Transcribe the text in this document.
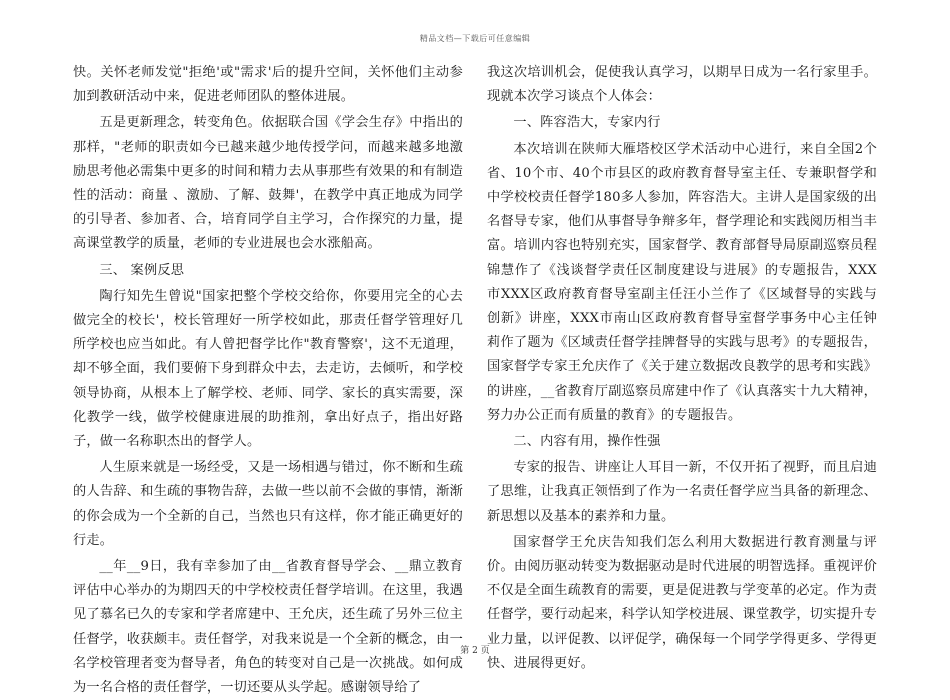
精品文档—下载后可任意编辑

快。关怀老师发觉"拒绝'或"需求'后的提升空间，关怀他们主动参加到教研活动中来，促进老师团队的整体进展。

五是更新理念，转变角色。依据联合国《学会生存》中指出的那样，"老师的职责如今已越来越少地传授学问，而越来越多地激励思考他必需集中更多的时间和精力去从事那些有效果的和有制造性的活动：商量 、激励、了解、鼓舞'，在教学中真正地成为同学的引导者、参加者、合，培育同学自主学习，合作探究的力量，提高课堂教学的质量，老师的专业进展也会水涨船高。

三、 案例反思

陶行知先生曾说"国家把整个学校交给你，你要用完全的心去做完全的校长'，校长管理好一所学校如此，那责任督学管理好几所学校也应当如此。有人曾把督学比作"教育警察'，这不无道理，却不够全面，我们要俯下身到群众中去，去走访，去倾听，和学校领导协商，从根本上了解学校、老师、同学、家长的真实需要，深化教学一线，做学校健康进展的助推剂，拿出好点子，指出好路子，做一名称职杰出的督学人。

人生原来就是一场经受，又是一场相遇与错过，你不断和生疏的人告辞、和生疏的事物告辞，去做一些以前不会做的事情，渐渐的你会成为一个全新的自己，当然也只有这样，你才能正确更好的行走。

__年__9日，我有幸参加了由__省教育督导学会、__鼎立教育评估中心举办的为期四天的中学校校责任督学培训。在这里，我遇见了慕名已久的专家和学者席建中、王允庆，还生疏了另外三位主任督学，收获颇丰。责任督学，对我来说是一个全新的概念，由一名学校管理者变为督导者，角色的转变对自己是一次挑战。如何成为一名合格的责任督学，一切还要从头学起。感谢领导给了

我这次培训机会，促使我认真学习，以期早日成为一名行家里手。现就本次学习谈点个人体会：

一、阵容浩大，专家内行

本次培训在陕师大雁塔校区学术活动中心进行，来自全国2个省、10个市、40个市县区的政府教育督导室主任、专兼职督学和中学校校责任督学180多人参加，阵容浩大。主讲人是国家级的出名督导专家，他们从事督导争辩多年，督学理论和实践阅历相当丰富。培训内容也特别充实，国家督学、教育部督导局原副巡察员程锦慧作了《浅谈督学责任区制度建设与进展》的专题报告，XXX市XXX区政府教育督导室副主任汪小兰作了《区域督导的实践与创新》讲座，XXX市南山区政府教育督导室督学事务中心主任钟莉作了题为《区域责任督学挂牌督导的实践与思考》的专题报告，国家督学专家王允庆作了《关于建立数据改良教学的思考和实践》的讲座，__省教育厅副巡察员席建中作了《认真落实十九大精神，努力办公正而有质量的教育》的专题报告。

二、内容有用，操作性强

专家的报告、讲座让人耳目一新，不仅开拓了视野，而且启迪了思维，让我真正领悟到了作为一名责任督学应当具备的新理念、新思想以及基本的素养和力量。

国家督学王允庆告知我们怎么利用大数据进行教育测量与评价。由阅历驱动转变为数据驱动是时代进展的明智选择。重视评价不仅是全面生疏教育的需要，更是促进教与学变革的必定。作为责任督学，要行动起来，科学认知学校进展、课堂教学，切实提升专业力量，以评促教、以评促学，确保每一个同学学得更多、学得更快、进展得更好。

第 2 页
